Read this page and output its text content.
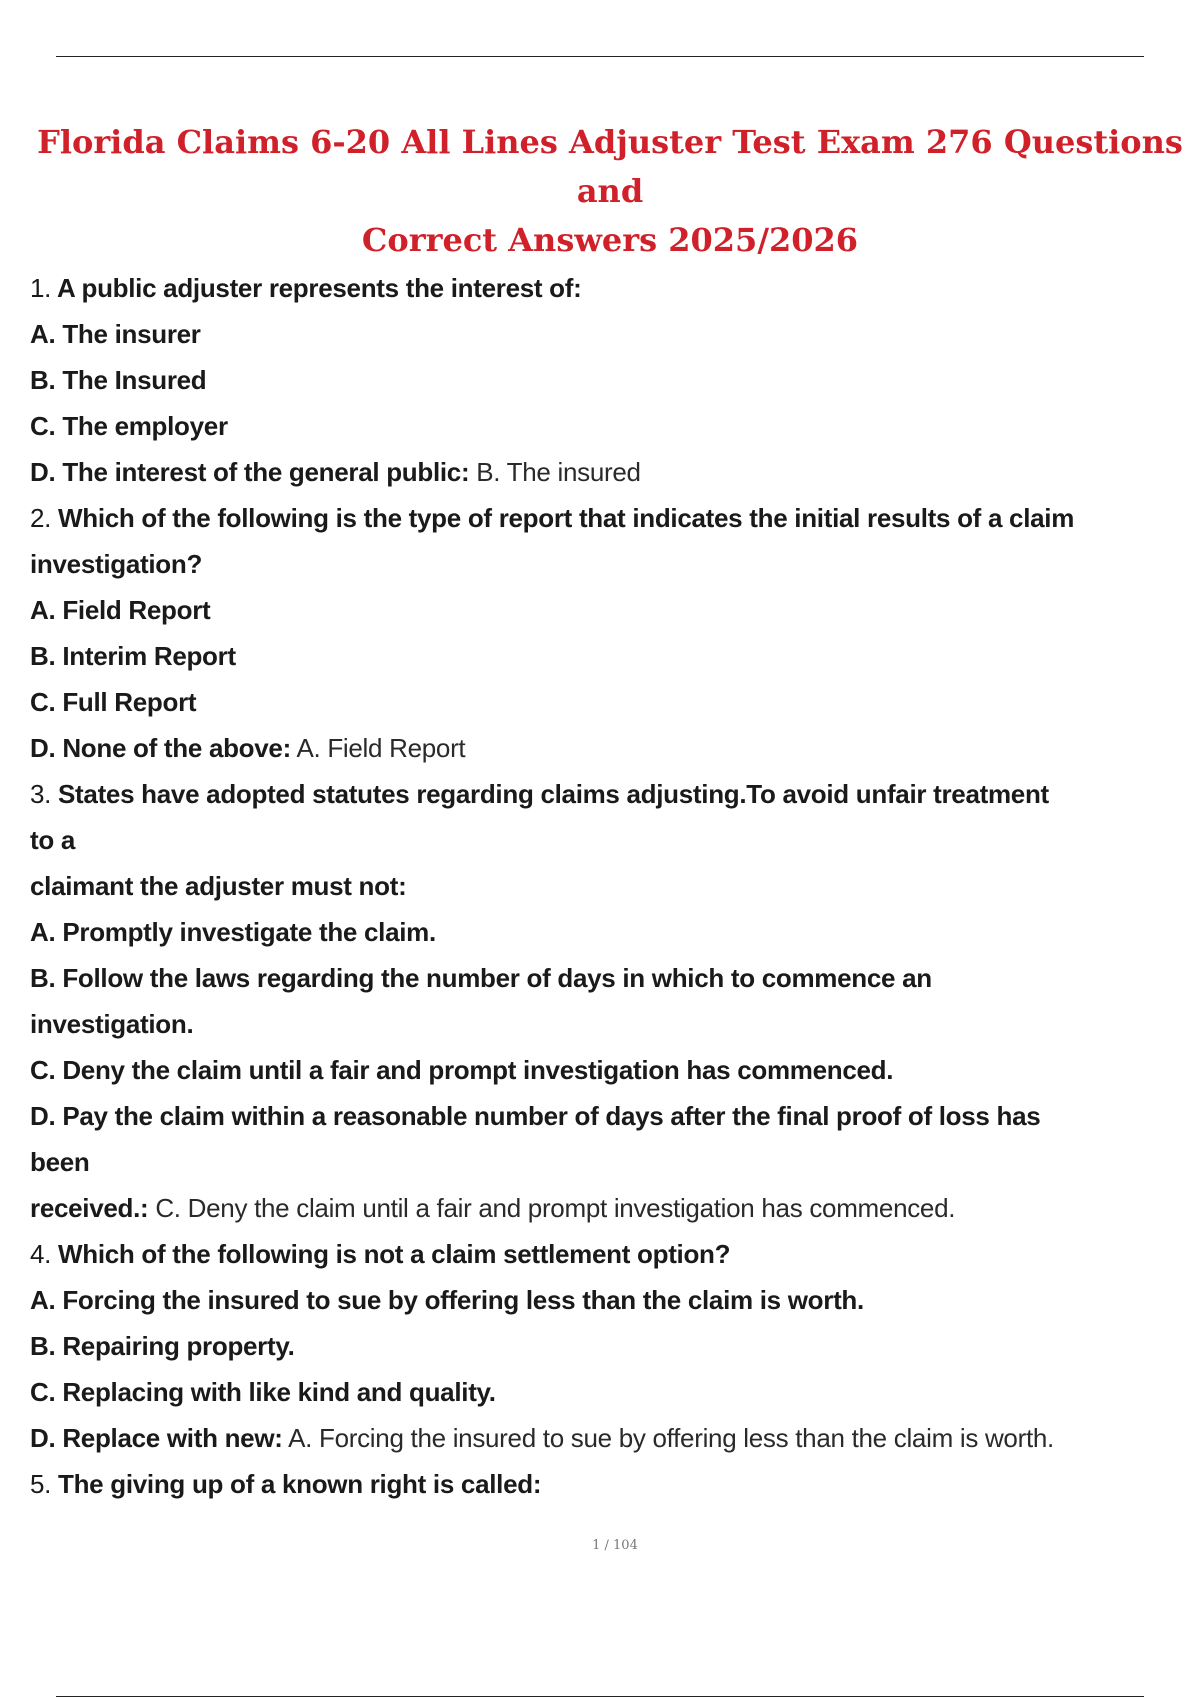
Florida Claims 6-20 All Lines Adjuster Test Exam 276 Questions and
Correct Answers 2025/2026
1. A public adjuster represents the interest of:
A. The insurer
B. The Insured
C. The employer
D. The interest of the general public: B. The insured
2. Which of the following is the type of report that indicates the initial results of a claim
investigation?
A. Field Report
B. Interim Report
C. Full Report
D. None of the above: A. Field Report
3. States have adopted statutes regarding claims adjusting.To avoid unfair treatment
to a
claimant the adjuster must not:
A. Promptly investigate the claim.
B. Follow the laws regarding the number of days in which to commence an
investigation.
C. Deny the claim until a fair and prompt investigation has commenced.
D. Pay the claim within a reasonable number of days after the final proof of loss has
been
received.: C. Deny the claim until a fair and prompt investigation has commenced.
4. Which of the following is not a claim settlement option?
A. Forcing the insured to sue by offering less than the claim is worth.
B. Repairing property.
C. Replacing with like kind and quality.
D. Replace with new: A. Forcing the insured to sue by offering less than the claim is worth.
5. The giving up of a known right is called:
1 / 104
